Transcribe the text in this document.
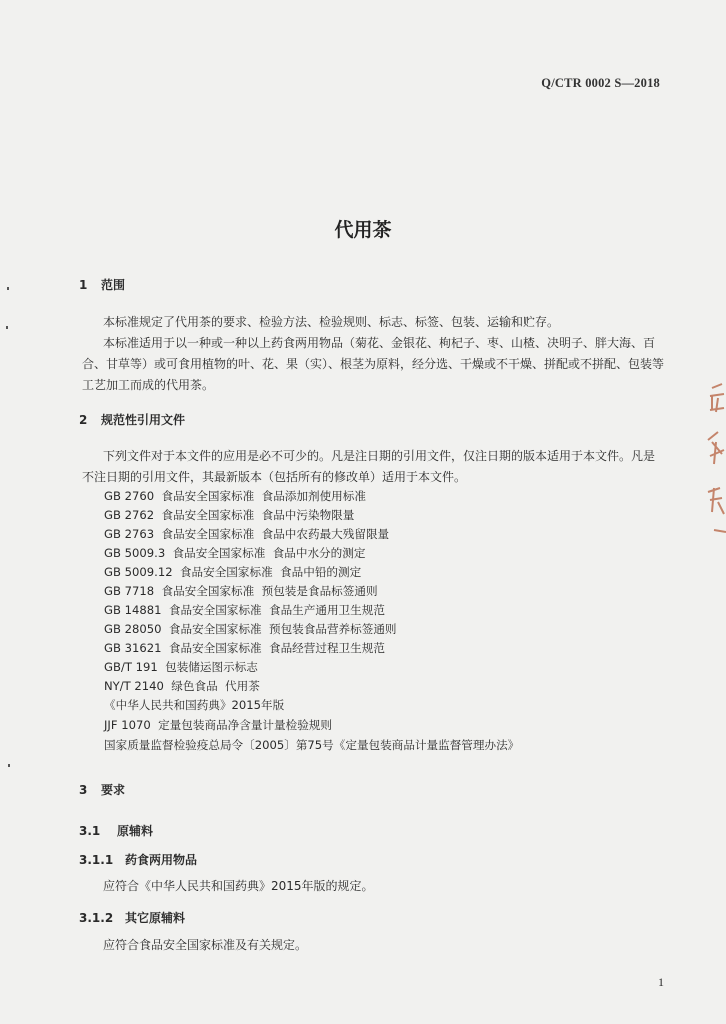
Q/CTR 0002 S—2018
代用茶
1 范围
本标准规定了代用茶的要求、检验方法、检验规则、标志、标签、包装、运输和贮存。
本标准适用于以一种或一种以上药食两用物品（菊花、金银花、枸杞子、枣、山楂、决明子、胖大海、百合、甘草等）或可食用植物的叶、花、果（实）、根茎为原料，经分选、干燥或不干燥、拼配或不拼配、包装等工艺加工而成的代用茶。
2 规范性引用文件
下列文件对于本文件的应用是必不可少的。凡是注日期的引用文件，仅注日期的版本适用于本文件。凡是不注日期的引用文件，其最新版本（包括所有的修改单）适用于本文件。
GB 2760  食品安全国家标准  食品添加剂使用标准
GB 2762  食品安全国家标准  食品中污染物限量
GB 2763  食品安全国家标准  食品中农药最大残留限量
GB 5009.3  食品安全国家标准  食品中水分的测定
GB 5009.12  食品安全国家标准  食品中铅的测定
GB 7718  食品安全国家标准  预包装是食品标签通则
GB 14881  食品安全国家标准  食品生产通用卫生规范
GB 28050  食品安全国家标准  预包装食品营养标签通则
GB 31621  食品安全国家标准  食品经营过程卫生规范
GB/T 191  包装储运图示标志
NY/T 2140  绿色食品  代用茶
《中华人民共和国药典》2015年版
JJF 1070  定量包装商品净含量计量检验规则
国家质量监督检验疫总局令〔2005〕第75号《定量包装商品计量监督管理办法》
3 要求
3.1 原辅料
3.1.1 药食两用物品
应符合《中华人民共和国药典》2015年版的规定。
3.1.2 其它原辅料
应符合食品安全国家标准及有关规定。
1
